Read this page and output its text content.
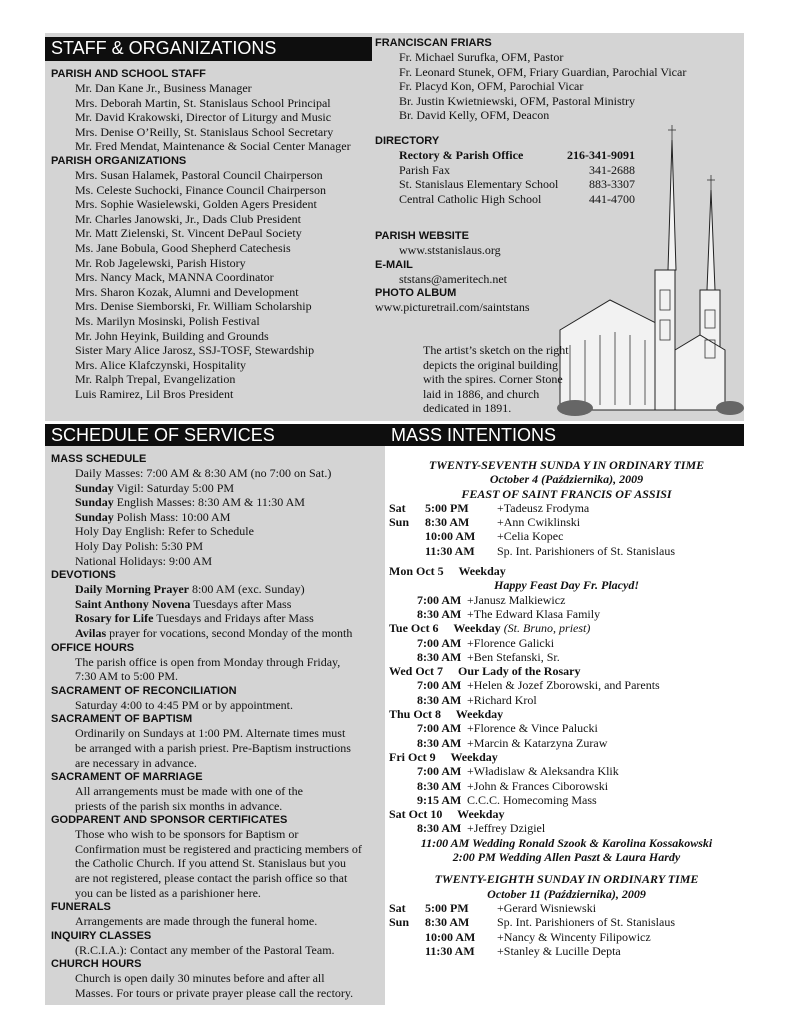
STAFF & ORGANIZATIONS
PARISH AND SCHOOL STAFF
Mr. Dan Kane Jr., Business Manager
Mrs. Deborah Martin, St. Stanislaus School Principal
Mr. David Krakowski, Director of Liturgy and Music
Mrs. Denise O’Reilly, St. Stanislaus School Secretary
Mr. Fred Mendat, Maintenance & Social Center Manager
PARISH ORGANIZATIONS
Mrs. Susan Halamek, Pastoral Council Chairperson
Ms. Celeste Suchocki, Finance Council Chairperson
Mrs. Sophie Wasielewski, Golden Agers President
Mr. Charles Janowski, Jr., Dads Club President
Mr. Matt Zielenski, St. Vincent DePaul Society
Ms. Jane Bobula, Good Shepherd Catechesis
Mr. Rob Jagelewski, Parish History
Mrs. Nancy Mack, MANNA Coordinator
Mrs. Sharon Kozak, Alumni and Development
Mrs. Denise Siemborski, Fr. William Scholarship
Ms. Marilyn Mosinski, Polish Festival
Mr. John Heyink, Building and Grounds
Sister Mary Alice Jarosz, SSJ-TOSF, Stewardship
Mrs. Alice Klafczynski, Hospitality
Mr. Ralph Trepal, Evangelization
Luis Ramirez, Lil Bros President
FRANCISCAN FRIARS
Fr. Michael Surufka, OFM, Pastor
Fr. Leonard Stunek, OFM, Friary Guardian, Parochial Vicar
Fr. Placyd Kon, OFM, Parochial Vicar
Br. Justin Kwietniewski, OFM, Pastoral Ministry
Br. David Kelly, OFM, Deacon
DIRECTORY
Rectory & Parish Office	216-341-9091
Parish Fax	341-2688
St. Stanislaus Elementary School	883-3307
Central Catholic High School	441-4700
PARISH WEBSITE
www.ststanislaus.org
E-MAIL
ststans@ameritech.net
PHOTO ALBUM
www.picturetrail.com/saintstans
The artist’s sketch on the right
depicts the original building
with the spires. Corner Stone
laid in 1886, and church
dedicated in 1891.
SCHEDULE OF SERVICES
MASS SCHEDULE
Daily Masses: 7:00 AM & 8:30 AM (no 7:00 on Sat.)
Sunday Vigil: Saturday 5:00 PM
Sunday English Masses: 8:30 AM & 11:30 AM
Sunday Polish Mass: 10:00 AM
Holy Day English: Refer to Schedule
Holy Day Polish: 5:30 PM
National Holidays: 9:00 AM
DEVOTIONS
Daily Morning Prayer 8:00 AM (exc. Sunday)
Saint Anthony Novena Tuesdays after Mass
Rosary for Life Tuesdays and Fridays after Mass
Avilas prayer for vocations, second Monday of the month
OFFICE HOURS
The parish office is open from Monday through Friday,
7:30 AM to 5:00 PM.
SACRAMENT OF RECONCILIATION
Saturday 4:00 to 4:45 PM or by appointment.
SACRAMENT OF BAPTISM
Ordinarily on Sundays at 1:00 PM. Alternate times must
be arranged with a parish priest. Pre-Baptism instructions
are necessary in advance.
SACRAMENT OF MARRIAGE
All arrangements must be made with one of the
priests of the parish six months in advance.
GODPARENT AND SPONSOR CERTIFICATES
Those who wish to be sponsors for Baptism or
Confirmation must be registered and practicing members of
the Catholic Church. If you attend St. Stanislaus but you
are not registered, please contact the parish office so that
you can be listed as a parishioner here.
FUNERALS
Arrangements are made through the funeral home.
INQUIRY CLASSES
(R.C.I.A.): Contact any member of the Pastoral Team.
CHURCH HOURS
Church is open daily 30 minutes before and after all
Masses. For tours or private prayer please call the rectory.
MASS INTENTIONS
TWENTY-SEVENTH SUNDA Y IN ORDINARY TIME
October 4 (Października), 2009
FEAST OF SAINT FRANCIS OF ASSISI
Sat 5:00 PM +Tadeusz Frodyma
Sun 8:30 AM +Ann Cwiklinski
10:00 AM +Celia Kopec
11:30 AM Sp. Int. Parishioners of St. Stanislaus
Mon Oct 5     Weekday
Happy Feast Day Fr. Placyd!
7:00 AM +Janusz Malkiewicz
8:30 AM +The Edward Klasa Family
Tue Oct 6     Weekday (St. Bruno, priest)
7:00 AM +Florence Galicki
8:30 AM +Ben Stefanski, Sr.
Wed Oct 7     Our Lady of the Rosary
7:00 AM +Helen & Jozef Zborowski, and Parents
8:30 AM +Richard Krol
Thu Oct 8     Weekday
7:00 AM +Florence & Vince Palucki
8:30 AM +Marcin & Katarzyna Zuraw
Fri Oct 9     Weekday
7:00 AM +Władislaw & Aleksandra Klik
8:30 AM +John & Frances Ciborowski
9:15 AM C.C.C. Homecoming Mass
Sat Oct 10     Weekday
8:30 AM +Jeffrey Dzigiel
11:00 AM Wedding Ronald Szook & Karolina Kossakowski
2:00 PM Wedding Allen Paszt & Laura Hardy
TWENTY-EIGHTH SUNDAY IN ORDINARY TIME
October 11 (Października), 2009
Sat 5:00 PM +Gerard Wisniewski
Sun 8:30 AM Sp. Int. Parishioners of St. Stanislaus
10:00 AM +Nancy & Wincenty Filipowicz
11:30 AM +Stanley & Lucille Depta
